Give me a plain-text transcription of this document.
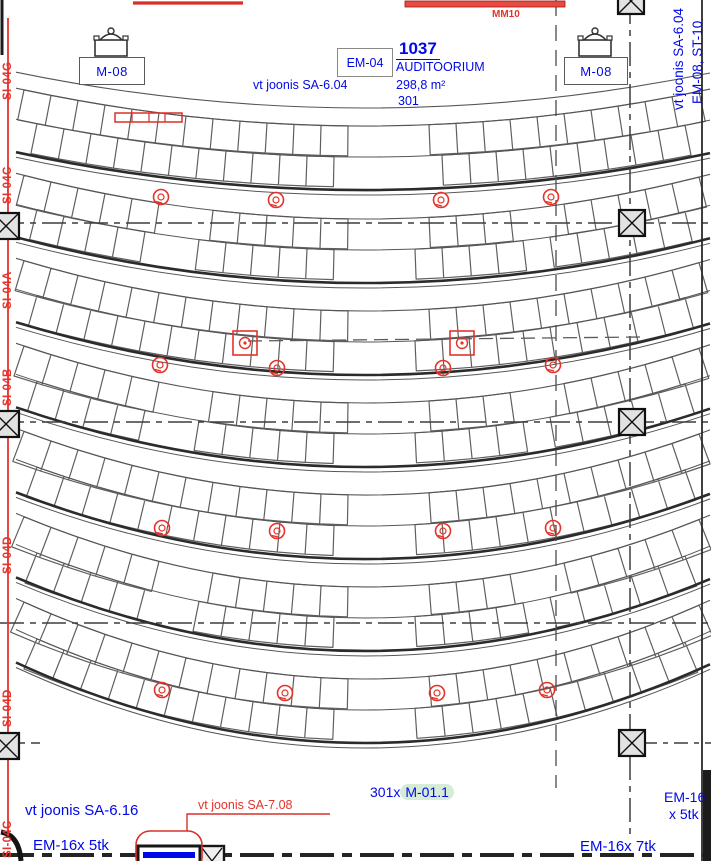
MM10
M-08	M-08
EM-04
1037
AUDITOORIUM
vt joonis SA-6.04	298,8 m²
301	vt joonis SA-6.04 EM-08, ST-10
SI-04G
SI-04C
SI-04A
SI-04B
SI-04D
SI-04D
SI-04C
vt joonis SA-6.16
EM-16x 5tk
vt joonis SA-7.08
301x M-01.1	EM-16
x 5tk
EM-16x 7tk
